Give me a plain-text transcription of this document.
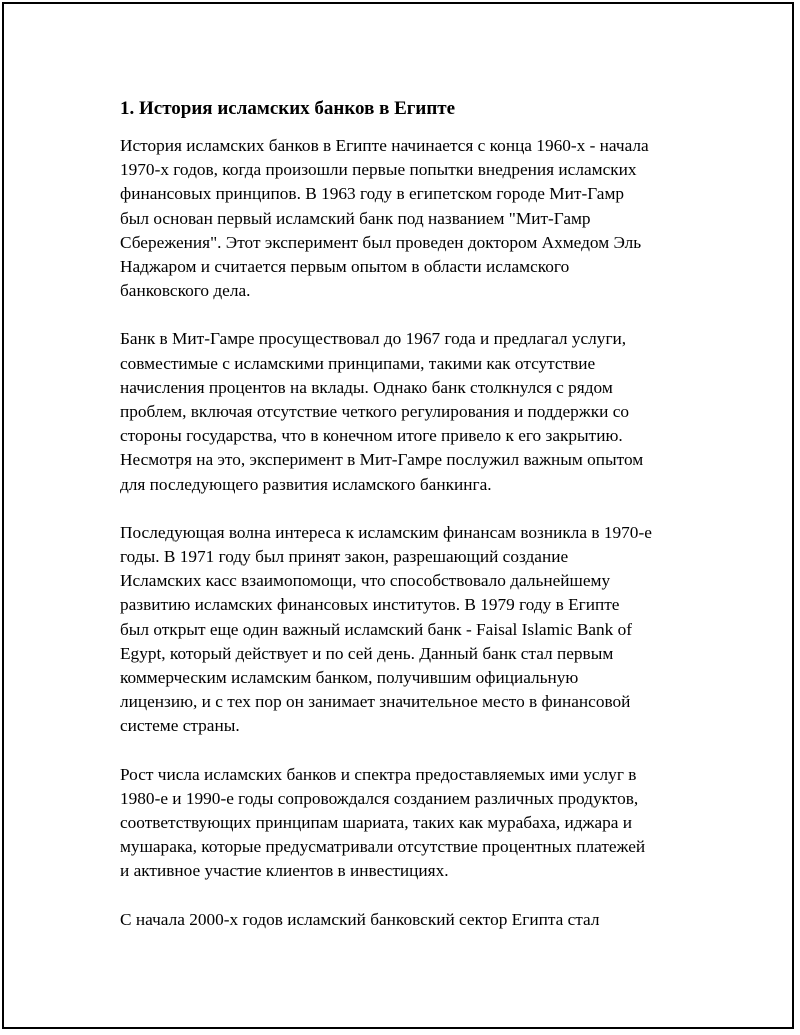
1. История исламских банков в Египте

История исламских банков в Египте начинается с конца 1960-х - начала
1970-х годов, когда произошли первые попытки внедрения исламских
финансовых принципов. В 1963 году в египетском городе Мит-Гамр
был основан первый исламский банк под названием "Мит-Гамр
Сбережения". Этот эксперимент был проведен доктором Ахмедом Эль
Наджаром и считается первым опытом в области исламского
банковского дела.

Банк в Мит-Гамре просуществовал до 1967 года и предлагал услуги,
совместимые с исламскими принципами, такими как отсутствие
начисления процентов на вклады. Однако банк столкнулся с рядом
проблем, включая отсутствие четкого регулирования и поддержки со
стороны государства, что в конечном итоге привело к его закрытию.
Несмотря на это, эксперимент в Мит-Гамре послужил важным опытом
для последующего развития исламского банкинга.

Последующая волна интереса к исламским финансам возникла в 1970-е
годы. В 1971 году был принят закон, разрешающий создание
Исламских касс взаимопомощи, что способствовало дальнейшему
развитию исламских финансовых институтов. В 1979 году в Египте
был открыт еще один важный исламский банк - Faisal Islamic Bank of
Egypt, который действует и по сей день. Данный банк стал первым
коммерческим исламским банком, получившим официальную
лицензию, и с тех пор он занимает значительное место в финансовой
системе страны.

Рост числа исламских банков и спектра предоставляемых ими услуг в
1980-е и 1990-е годы сопровождался созданием различных продуктов,
соответствующих принципам шариата, таких как мурабаха, иджара и
мушарака, которые предусматривали отсутствие процентных платежей
и активное участие клиентов в инвестициях.

С начала 2000-х годов исламский банковский сектор Египта стал
